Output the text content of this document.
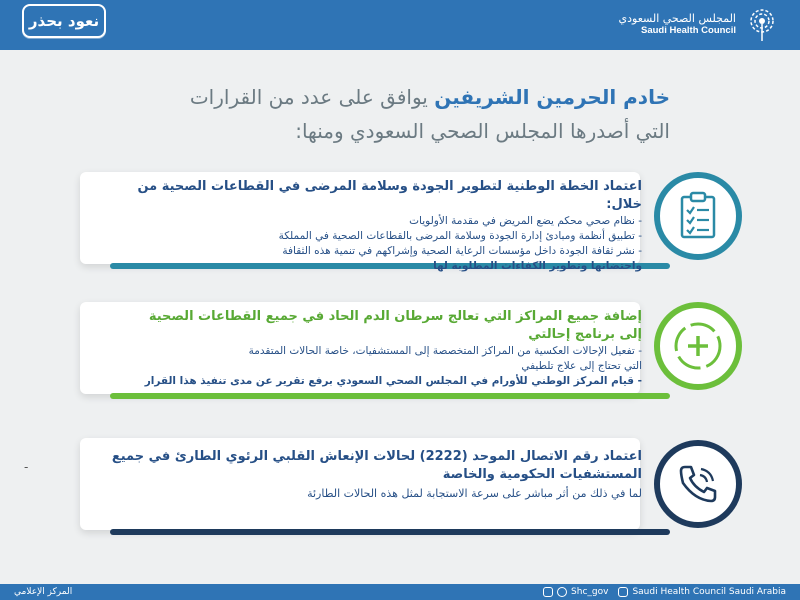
المجلس الصحي السعودي
Saudi Health Council
نعود بحذر
خادم الحرمين الشريفين يوافق على عدد من القرارات
التي أصدرها المجلس الصحي السعودي ومنها:
اعتماد الخطة الوطنية لتطوير الجودة وسلامة المرضى في القطاعات الصحية من خلال:
- نظام صحي محكم يضع المريض في مقدمة الأولويات
- تطبيق أنظمة ومبادئ إدارة الجودة وسلامة المرضى بالقطاعات الصحية في المملكة
- نشر ثقافة الجودة داخل مؤسسات الرعاية الصحية وإشراكهم في تنمية هذه الثقافة
واحتضانها وتطوير الكفاءات المطلوبة لها
إضافة جميع المراكز التي تعالج سرطان الدم الحاد في جميع القطاعات الصحية
إلى برنامج إحالتي
- تفعيل الإحالات العكسية من المراكز المتخصصة إلى المستشفيات، خاصة الحالات المتقدمة
التي تحتاج إلى علاج تلطيفي
- قيام المركز الوطني للأورام في المجلس الصحي السعودي برفع تقرير عن مدى تنفيذ هذا القرار
اعتماد رقم الاتصال الموحد (2222) لحالات الإنعاش القلبي الرئوي الطارئ في جميع
المستشفيات الحكومية والخاصة
لما في ذلك من أثر مباشر على سرعة الاستجابة لمثل هذه الحالات الطارئة
-
المركز الإعلامي	Shc_gov	Saudi Health Council Saudi Arabia
